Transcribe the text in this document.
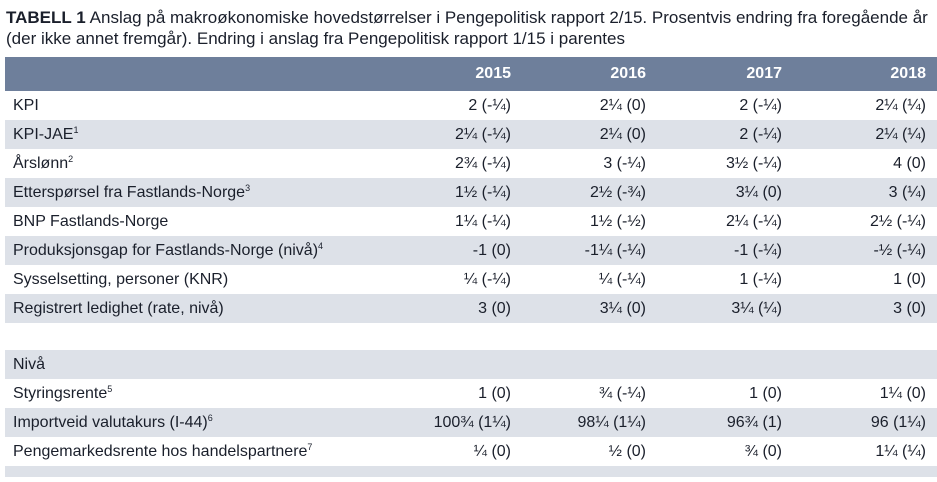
TABELL 1 Anslag på makroøkonomiske hovedstørrelser i Pengepolitisk rapport 2/15. Prosentvis endring fra foregående år (der ikke annet fremgår). Endring i anslag fra Pengepolitisk rapport 1/15 i parentes
	2015	2016	2017	2018
KPI	2 (-¼)	2¼ (0)	2 (-¼)	2¼ (¼)
KPI-JAE$^1$	2¼ (-¼)	2¼ (0)	2 (-¼)	2¼ (¼)
Årslønn$^2$	2¾ (-¼)	3 (-¼)	3½ (-¼)	4 (0)
Etterspørsel fra Fastlands-Norge$^3$	1½ (-¼)	2½ (-¾)	3¼ (0)	3 (¼)
BNP Fastlands-Norge	1¼ (-¼)	1½ (-½)	2¼ (-¼)	2½ (-¼)
Produksjonsgap for Fastlands-Norge (nivå)$^4$	-1 (0)	-1¼ (-¼)	-1 (-¼)	-½ (-¼)
Sysselsetting, personer (KNR)	¼ (-¼)	¼ (-¼)	1 (-¼)	1 (0)
Registrert ledighet (rate, nivå)	3 (0)	3¼ (0)	3¼ (¼)	3 (0)

Nivå				
Styringsrente$^5$	1 (0)	¾ (-¼)	1 (0)	1¼ (0)
Importveid valutakurs $(I-44)^6$	100¾ (1¼)	98¼ (1¼)	96¾ (1)	96 (1¼)
Pengemarkedsrente hos handelspartnere$^7$	¼ (0)	½ (0)	¾ (0)	1¼ (¼)
